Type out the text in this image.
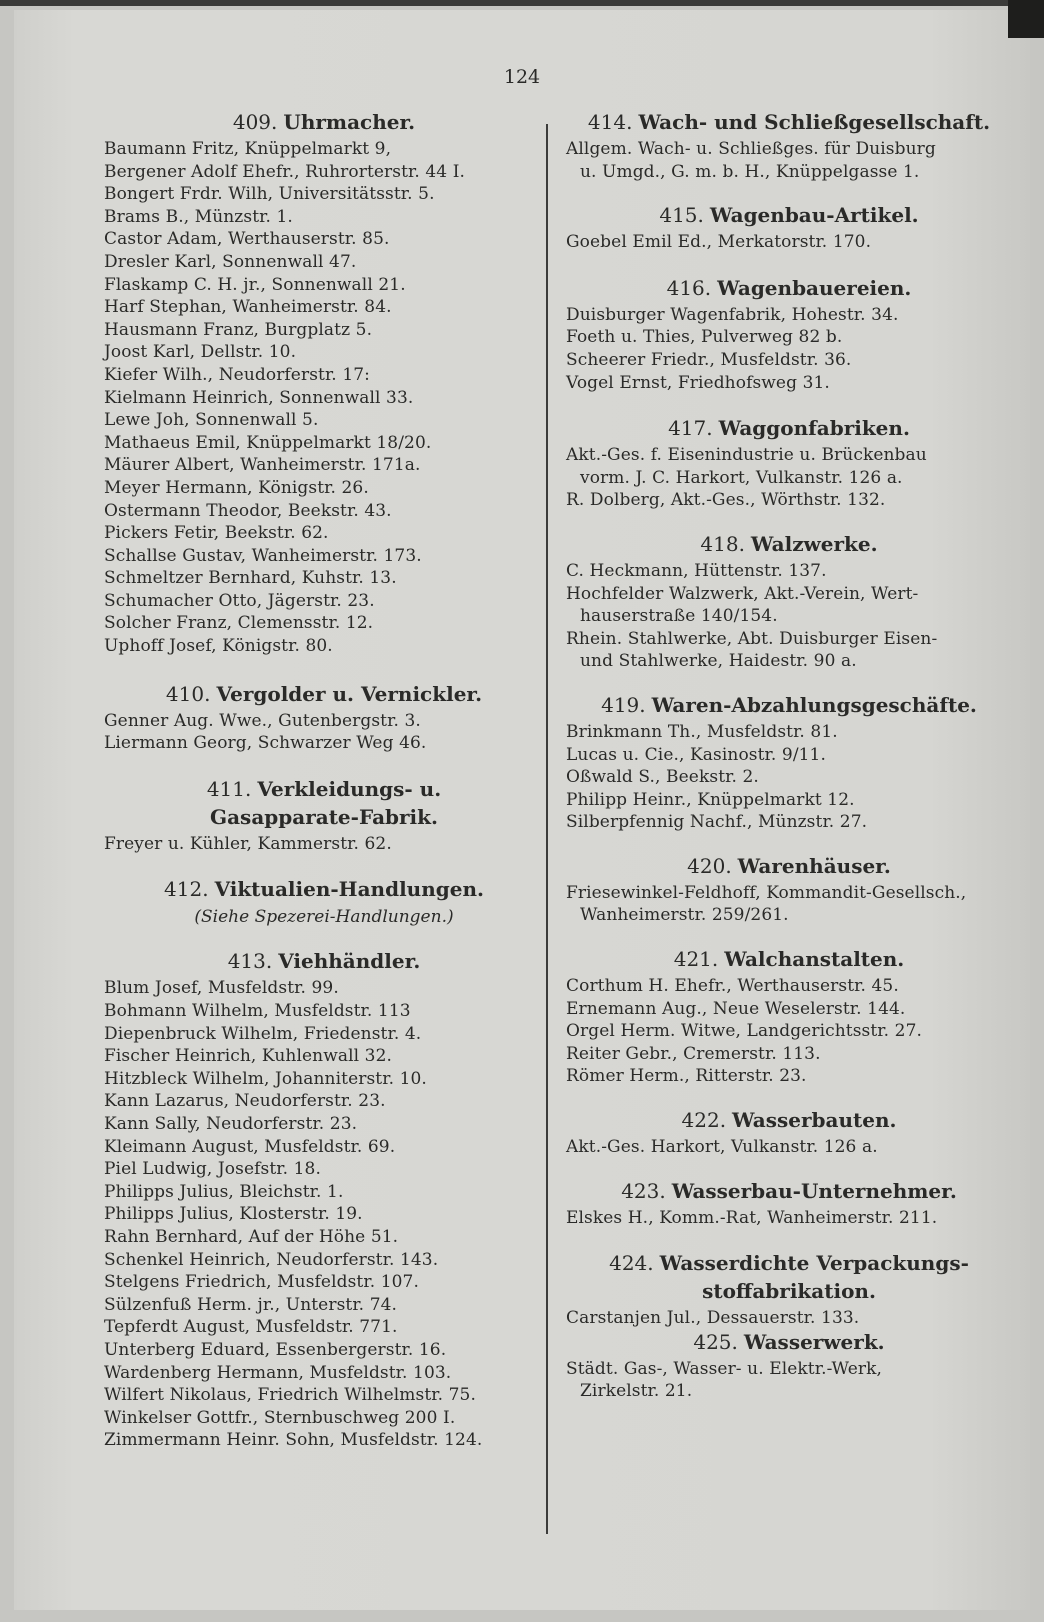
124
409. Uhrmacher.
Baumann Fritz, Knüppelmarkt 9,
Bergener Adolf Ehefr., Ruhrorterstr. 44 I.
Bongert Frdr. Wilh, Universitätsstr. 5.
Brams B., Münzstr. 1.
Castor Adam, Werthauserstr. 85.
Dresler Karl, Sonnenwall 47.
Flaskamp C. H. jr., Sonnenwall 21.
Harf Stephan, Wanheimerstr. 84.
Hausmann Franz, Burgplatz 5.
Joost Karl, Dellstr. 10.
Kiefer Wilh., Neudorferstr. 17:
Kielmann Heinrich, Sonnenwall 33.
Lewe Joh, Sonnenwall 5.
Mathaeus Emil, Knüppelmarkt 18/20.
Mäurer Albert, Wanheimerstr. 171a.
Meyer Hermann, Königstr. 26.
Ostermann Theodor, Beekstr. 43.
Pickers Fetir, Beekstr. 62.
Schallse Gustav, Wanheimerstr. 173.
Schmeltzer Bernhard, Kuhstr. 13.
Schumacher Otto, Jägerstr. 23.
Solcher Franz, Clemensstr. 12.
Uphoff Josef, Königstr. 80.
410. Vergolder u. Vernickler.
Genner Aug. Wwe., Gutenbergstr. 3.
Liermann Georg, Schwarzer Weg 46.
411. Verkleidungs- u.
Gasapparate-Fabrik.
Freyer u. Kühler, Kammerstr. 62.
412. Viktualien-Handlungen.
(Siehe Spezerei-Handlungen.)
413. Viehhändler.
Blum Josef, Musfeldstr. 99.
Bohmann Wilhelm, Musfeldstr. 113
Diepenbruck Wilhelm, Friedenstr. 4.
Fischer Heinrich, Kuhlenwall 32.
Hitzbleck Wilhelm, Johanniterstr. 10.
Kann Lazarus, Neudorferstr. 23.
Kann Sally, Neudorferstr. 23.
Kleimann August, Musfeldstr. 69.
Piel Ludwig, Josefstr. 18.
Philipps Julius, Bleichstr. 1.
Philipps Julius, Klosterstr. 19.
Rahn Bernhard, Auf der Höhe 51.
Schenkel Heinrich, Neudorferstr. 143.
Stelgens Friedrich, Musfeldstr. 107.
Sülzenfuß Herm. jr., Unterstr. 74.
Tepferdt August, Musfeldstr. 771.
Unterberg Eduard, Essenbergerstr. 16.
Wardenberg Hermann, Musfeldstr. 103.
Wilfert Nikolaus, Friedrich Wilhelmstr. 75.
Winkelser Gottfr., Sternbuschweg 200 I.
Zimmermann Heinr. Sohn, Musfeldstr. 124.
414. Wach- und Schließgesellschaft.
Allgem. Wach- u. Schließges. für Duisburg
u. Umgd., G. m. b. H., Knüppelgasse 1.
415. Wagenbau-Artikel.
Goebel Emil Ed., Merkatorstr. 170.
416. Wagenbauereien.
Duisburger Wagenfabrik, Hohestr. 34.
Foeth u. Thies, Pulverweg 82 b.
Scheerer Friedr., Musfeldstr. 36.
Vogel Ernst, Friedhofsweg 31.
417. Waggonfabriken.
Akt.-Ges. f. Eisenindustrie u. Brückenbau
vorm. J. C. Harkort, Vulkanstr. 126 a.
R. Dolberg, Akt.-Ges., Wörthstr. 132.
418. Walzwerke.
C. Heckmann, Hüttenstr. 137.
Hochfelder Walzwerk, Akt.-Verein, Wert-
hauserstraße 140/154.
Rhein. Stahlwerke, Abt. Duisburger Eisen-
und Stahlwerke, Haidestr. 90 a.
419. Waren-Abzahlungsgeschäfte.
Brinkmann Th., Musfeldstr. 81.
Lucas u. Cie., Kasinostr. 9/11.
Oßwald S., Beekstr. 2.
Philipp Heinr., Knüppelmarkt 12.
Silberpfennig Nachf., Münzstr. 27.
420. Warenhäuser.
Friesewinkel-Feldhoff, Kommandit-Gesellsch.,
Wanheimerstr. 259/261.
421. Walchanstalten.
Corthum H. Ehefr., Werthauserstr. 45.
Ernemann Aug., Neue Weselerstr. 144.
Orgel Herm. Witwe, Landgerichtsstr. 27.
Reiter Gebr., Cremerstr. 113.
Römer Herm., Ritterstr. 23.
422. Wasserbauten.
Akt.-Ges. Harkort, Vulkanstr. 126 a.
423. Wasserbau-Unternehmer.
Elskes H., Komm.-Rat, Wanheimerstr. 211.
424. Wasserdichte Verpackungs-
stoffabrikation.
Carstanjen Jul., Dessauerstr. 133.
425. Wasserwerk.
Städt. Gas-, Wasser- u. Elektr.-Werk,
Zirkelstr. 21.
